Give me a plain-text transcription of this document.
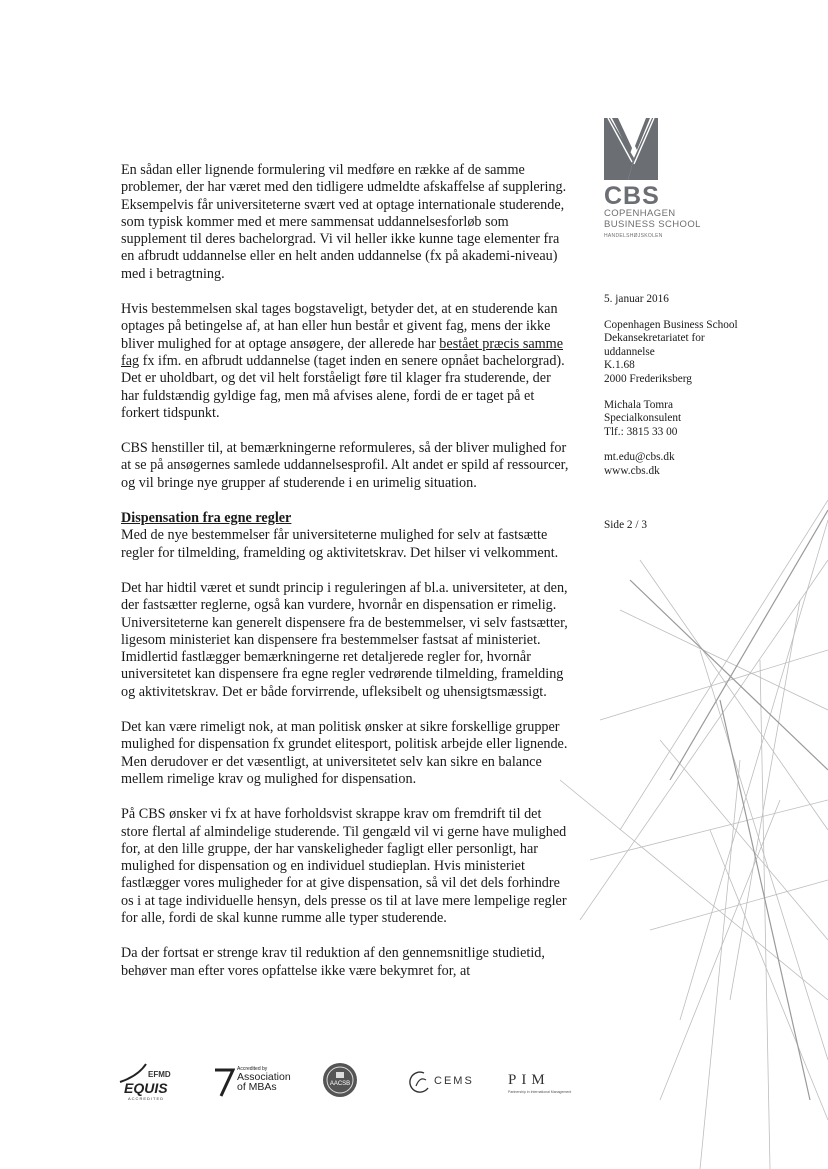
CBS
COPENHAGEN
BUSINESS SCHOOL
HANDELSHØJSKOLEN
5. januar 2016
Copenhagen Business School
Dekansekretariatet for
uddannelse
K.1.68
2000 Frederiksberg
Michala Tomra
Specialkonsulent
Tlf.: 3815 33 00
mt.edu@cbs.dk
www.cbs.dk
Side 2 / 3

En sådan eller lignende formulering vil medføre en række af de samme problemer, der har været med den tidligere udmeldte afskaffelse af supplering. Eksempelvis får universiteterne svært ved at optage internationale studerende, som typisk kommer med et mere sammensat uddannelsesforløb som supplement til deres bachelorgrad. Vi vil heller ikke kunne tage elementer fra en afbrudt uddannelse eller en helt anden uddannelse (fx på akademi-niveau) med i betragtning.

Hvis bestemmelsen skal tages bogstaveligt, betyder det, at en studerende kan optages på betingelse af, at han eller hun består et givent fag, mens der ikke bliver mulighed for at optage ansøgere, der allerede har bestået præcis samme fag fx ifm. en afbrudt uddannelse (taget inden en senere opnået bachelorgrad). Det er uholdbart, og det vil helt forståeligt føre til klager fra studerende, der har fuldstændig gyldige fag, men må afvises alene, fordi de er taget på et forkert tidspunkt.

CBS henstiller til, at bemærkningerne reformuleres, så der bliver mulighed for at se på ansøgernes samlede uddannelsesprofil. Alt andet er spild af ressourcer, og vil bringe nye grupper af studerende i en urimelig situation.

Dispensation fra egne regler

Med de nye bestemmelser får universiteterne mulighed for selv at fastsætte regler for tilmelding, framelding og aktivitetskrav. Det hilser vi velkomment.

Det har hidtil været et sundt princip i reguleringen af bl.a. universiteter, at den, der fastsætter reglerne, også kan vurdere, hvornår en dispensation er rimelig. Universiteterne kan generelt dispensere fra de bestemmelser, vi selv fastsætter, ligesom ministeriet kan dispensere fra bestemmelser fastsat af ministeriet. Imidlertid fastlægger bemærkningerne ret detaljerede regler for, hvornår universitetet kan dispensere fra egne regler vedrørende tilmelding, framelding og aktivitetskrav. Det er både forvirrende, ufleksibelt og uhensigtsmæssigt.

Det kan være rimeligt nok, at man politisk ønsker at sikre forskellige grupper mulighed for dispensation fx grundet elitesport, politisk arbejde eller lignende. Men derudover er det væsentligt, at universitetet selv kan sikre en balance mellem rimelige krav og mulighed for dispensation.

På CBS ønsker vi fx at have forholdsvist skrappe krav om fremdrift til det store flertal af almindelige studerende. Til gengæld vil vi gerne have mulighed for, at den lille gruppe, der har vanskeligheder fagligt eller personligt, har mulighed for dispensation og en individuel studieplan. Hvis ministeriet fastlægger vores muligheder for at give dispensation, så vil det dels forhindre os i at tage individuelle hensyn, dels presse os til at lave mere lempelige regler for alle, fordi de skal kunne rumme alle typer studerende.

Da der fortsat er strenge krav til reduktion af den gennemsnitlige studietid, behøver man efter vores opfattelse ikke være bekymret for, at

EFMD
EQUIS
ACCREDITED
Accredited by
Association
of MBAs	AACSB	CEMS PIM
Partnership in International Management
